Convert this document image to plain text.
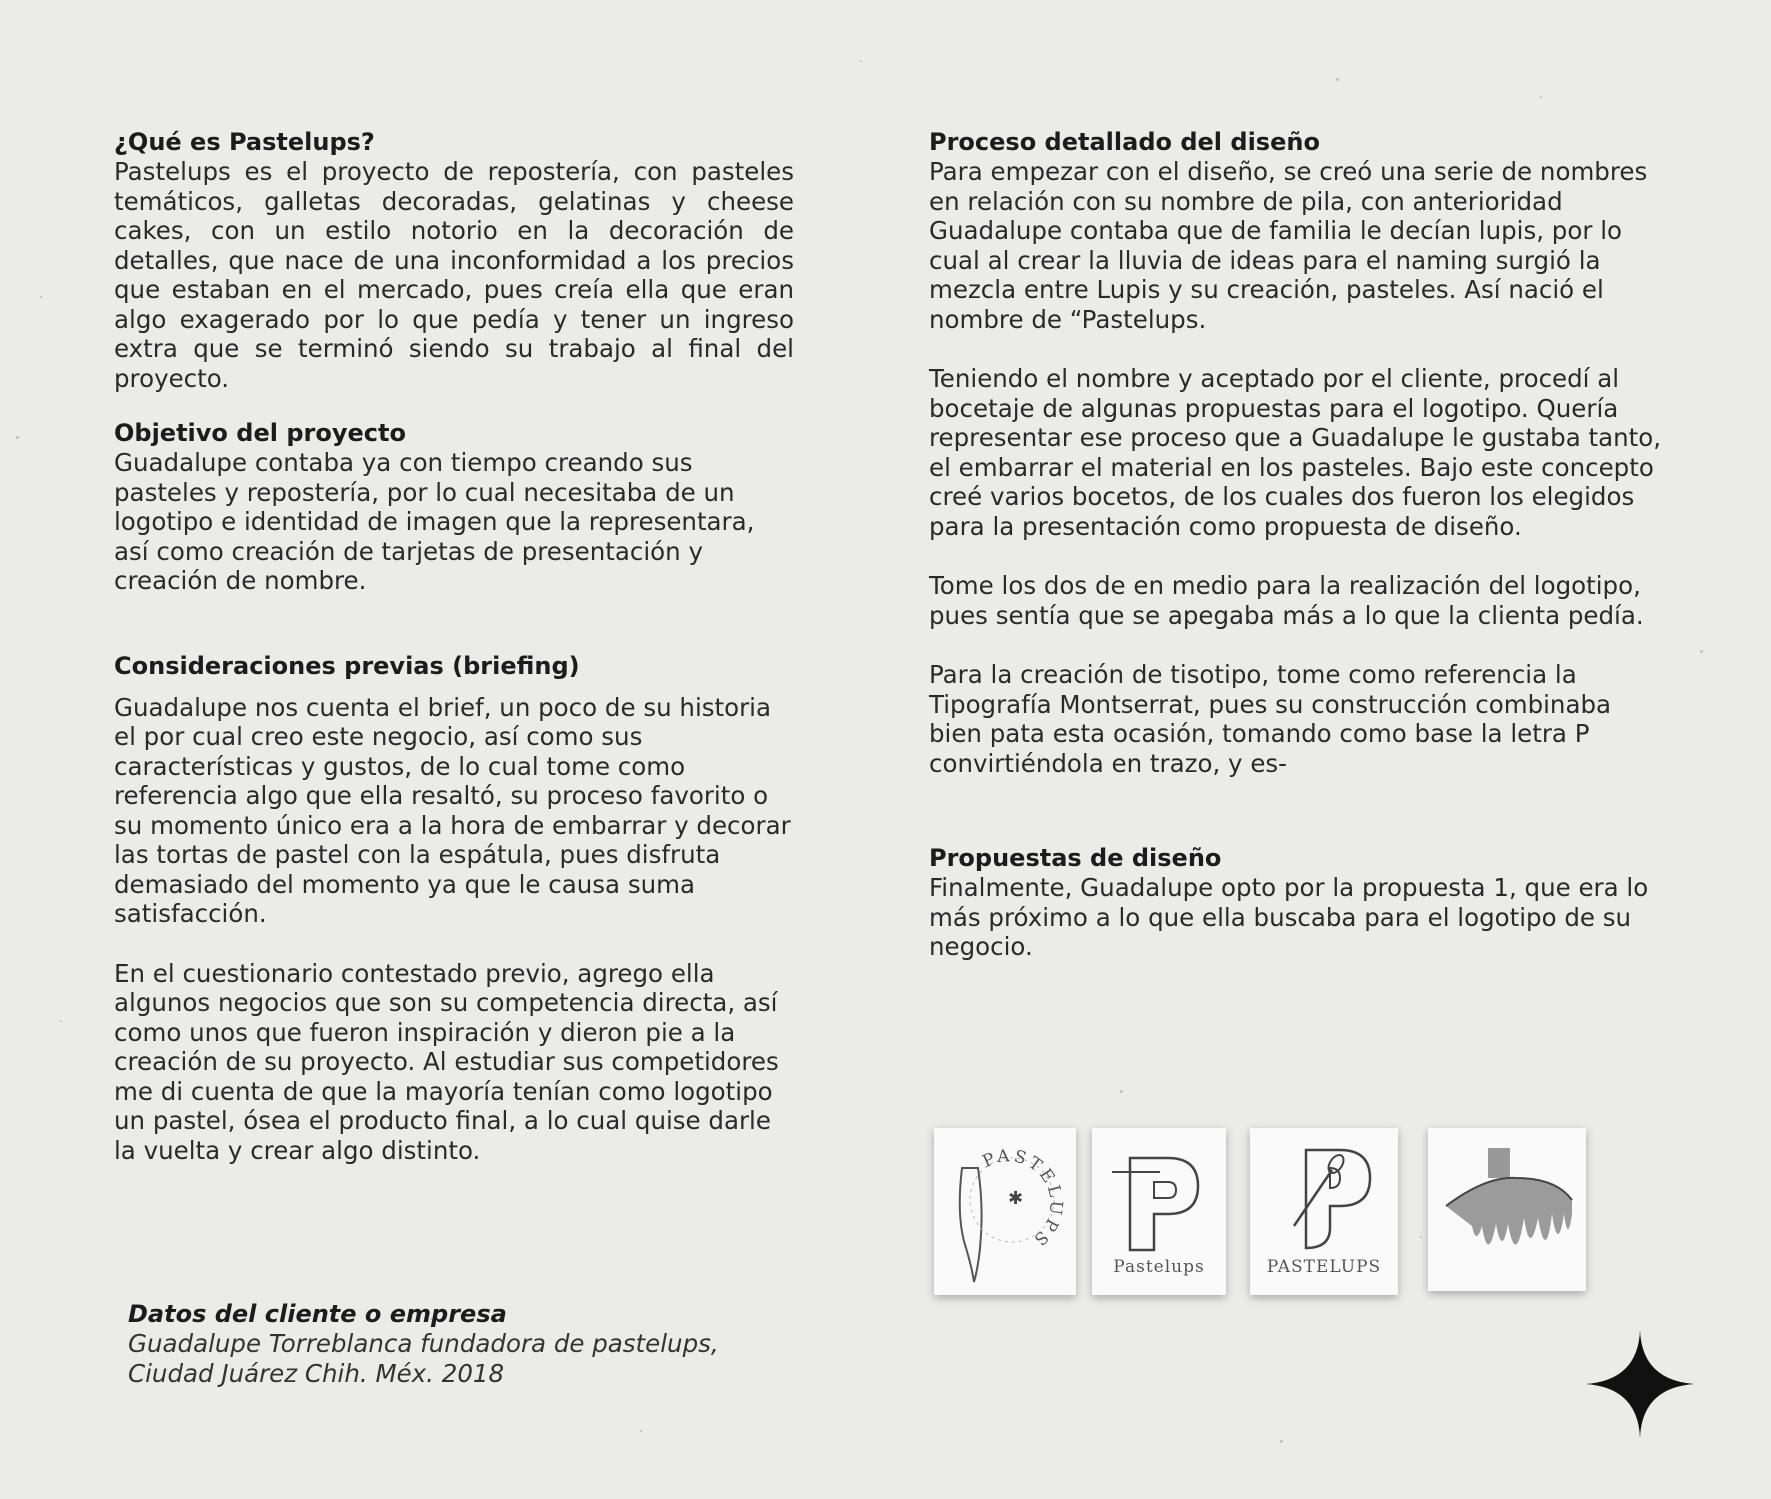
¿Qué es Pastelups?

Pastelups es el proyecto de repostería, con pasteles temáticos, galletas decoradas, gelatinas y cheese cakes, con un estilo notorio en la decoración de detalles, que nace de una inconformidad a los precios que estaban en el mercado, pues creía ella que eran algo exagerado por lo que pedía y tener un ingreso extra que se terminó siendo su trabajo al final del proyecto.

Objetivo del proyecto

Guadalupe contaba ya con tiempo creando sus pasteles y repostería, por lo cual necesitaba de un logotipo e identidad de imagen que la representara, así como creación de tarjetas de presentación y creación de nombre.

Consideraciones previas (briefing)

Guadalupe nos cuenta el brief, un poco de su historia el por cual creo este negocio, así como sus características y gustos, de lo cual tome como referencia algo que ella resaltó, su proceso favorito o su momento único era a la hora de embarrar y decorar las tortas de pastel con la espátula, pues disfruta demasiado del momento ya que le causa suma satisfacción.

En el cuestionario contestado previo, agrego ella algunos negocios que son su competencia directa, así como unos que fueron inspiración y dieron pie a la creación de su proyecto. Al estudiar sus competidores me di cuenta de que la mayoría tenían como logotipo un pastel, ósea el producto final, a lo cual quise darle la vuelta y crear algo distinto.

Datos del cliente o empresa

Guadalupe Torreblanca fundadora de pastelups, Ciudad Juárez Chih. Méx. 2018

Proceso detallado del diseño

Para empezar con el diseño, se creó una serie de nombres en relación con su nombre de pila, con anterioridad Guadalupe contaba que de familia le decían lupis, por lo cual al crear la lluvia de ideas para el naming surgió la mezcla entre Lupis y su creación, pasteles. Así nació el nombre de “Pastelups.

Teniendo el nombre y aceptado por el cliente, procedí al bocetaje de algunas propuestas para el logotipo. Quería representar ese proceso que a Guadalupe le gustaba tanto, el embarrar el material en los pasteles. Bajo este concepto creé varios bocetos, de los cuales dos fueron los elegidos para la presentación como propuesta de diseño.

Tome los dos de en medio para la realización del logotipo, pues sentía que se apegaba más a lo que la clienta pedía.

Para la creación de tisotipo, tome como referencia la Tipografía Montserrat, pues su construcción combinaba bien pata esta ocasión, tomando como base la letra P convirtiéndola en trazo, y es-

Propuestas de diseño

Finalmente, Guadalupe opto por la propuesta 1, que era lo más próximo a lo que ella buscaba para el logotipo de su negocio.

PASTELUPS
✱
Pastelups	PASTELUPS
